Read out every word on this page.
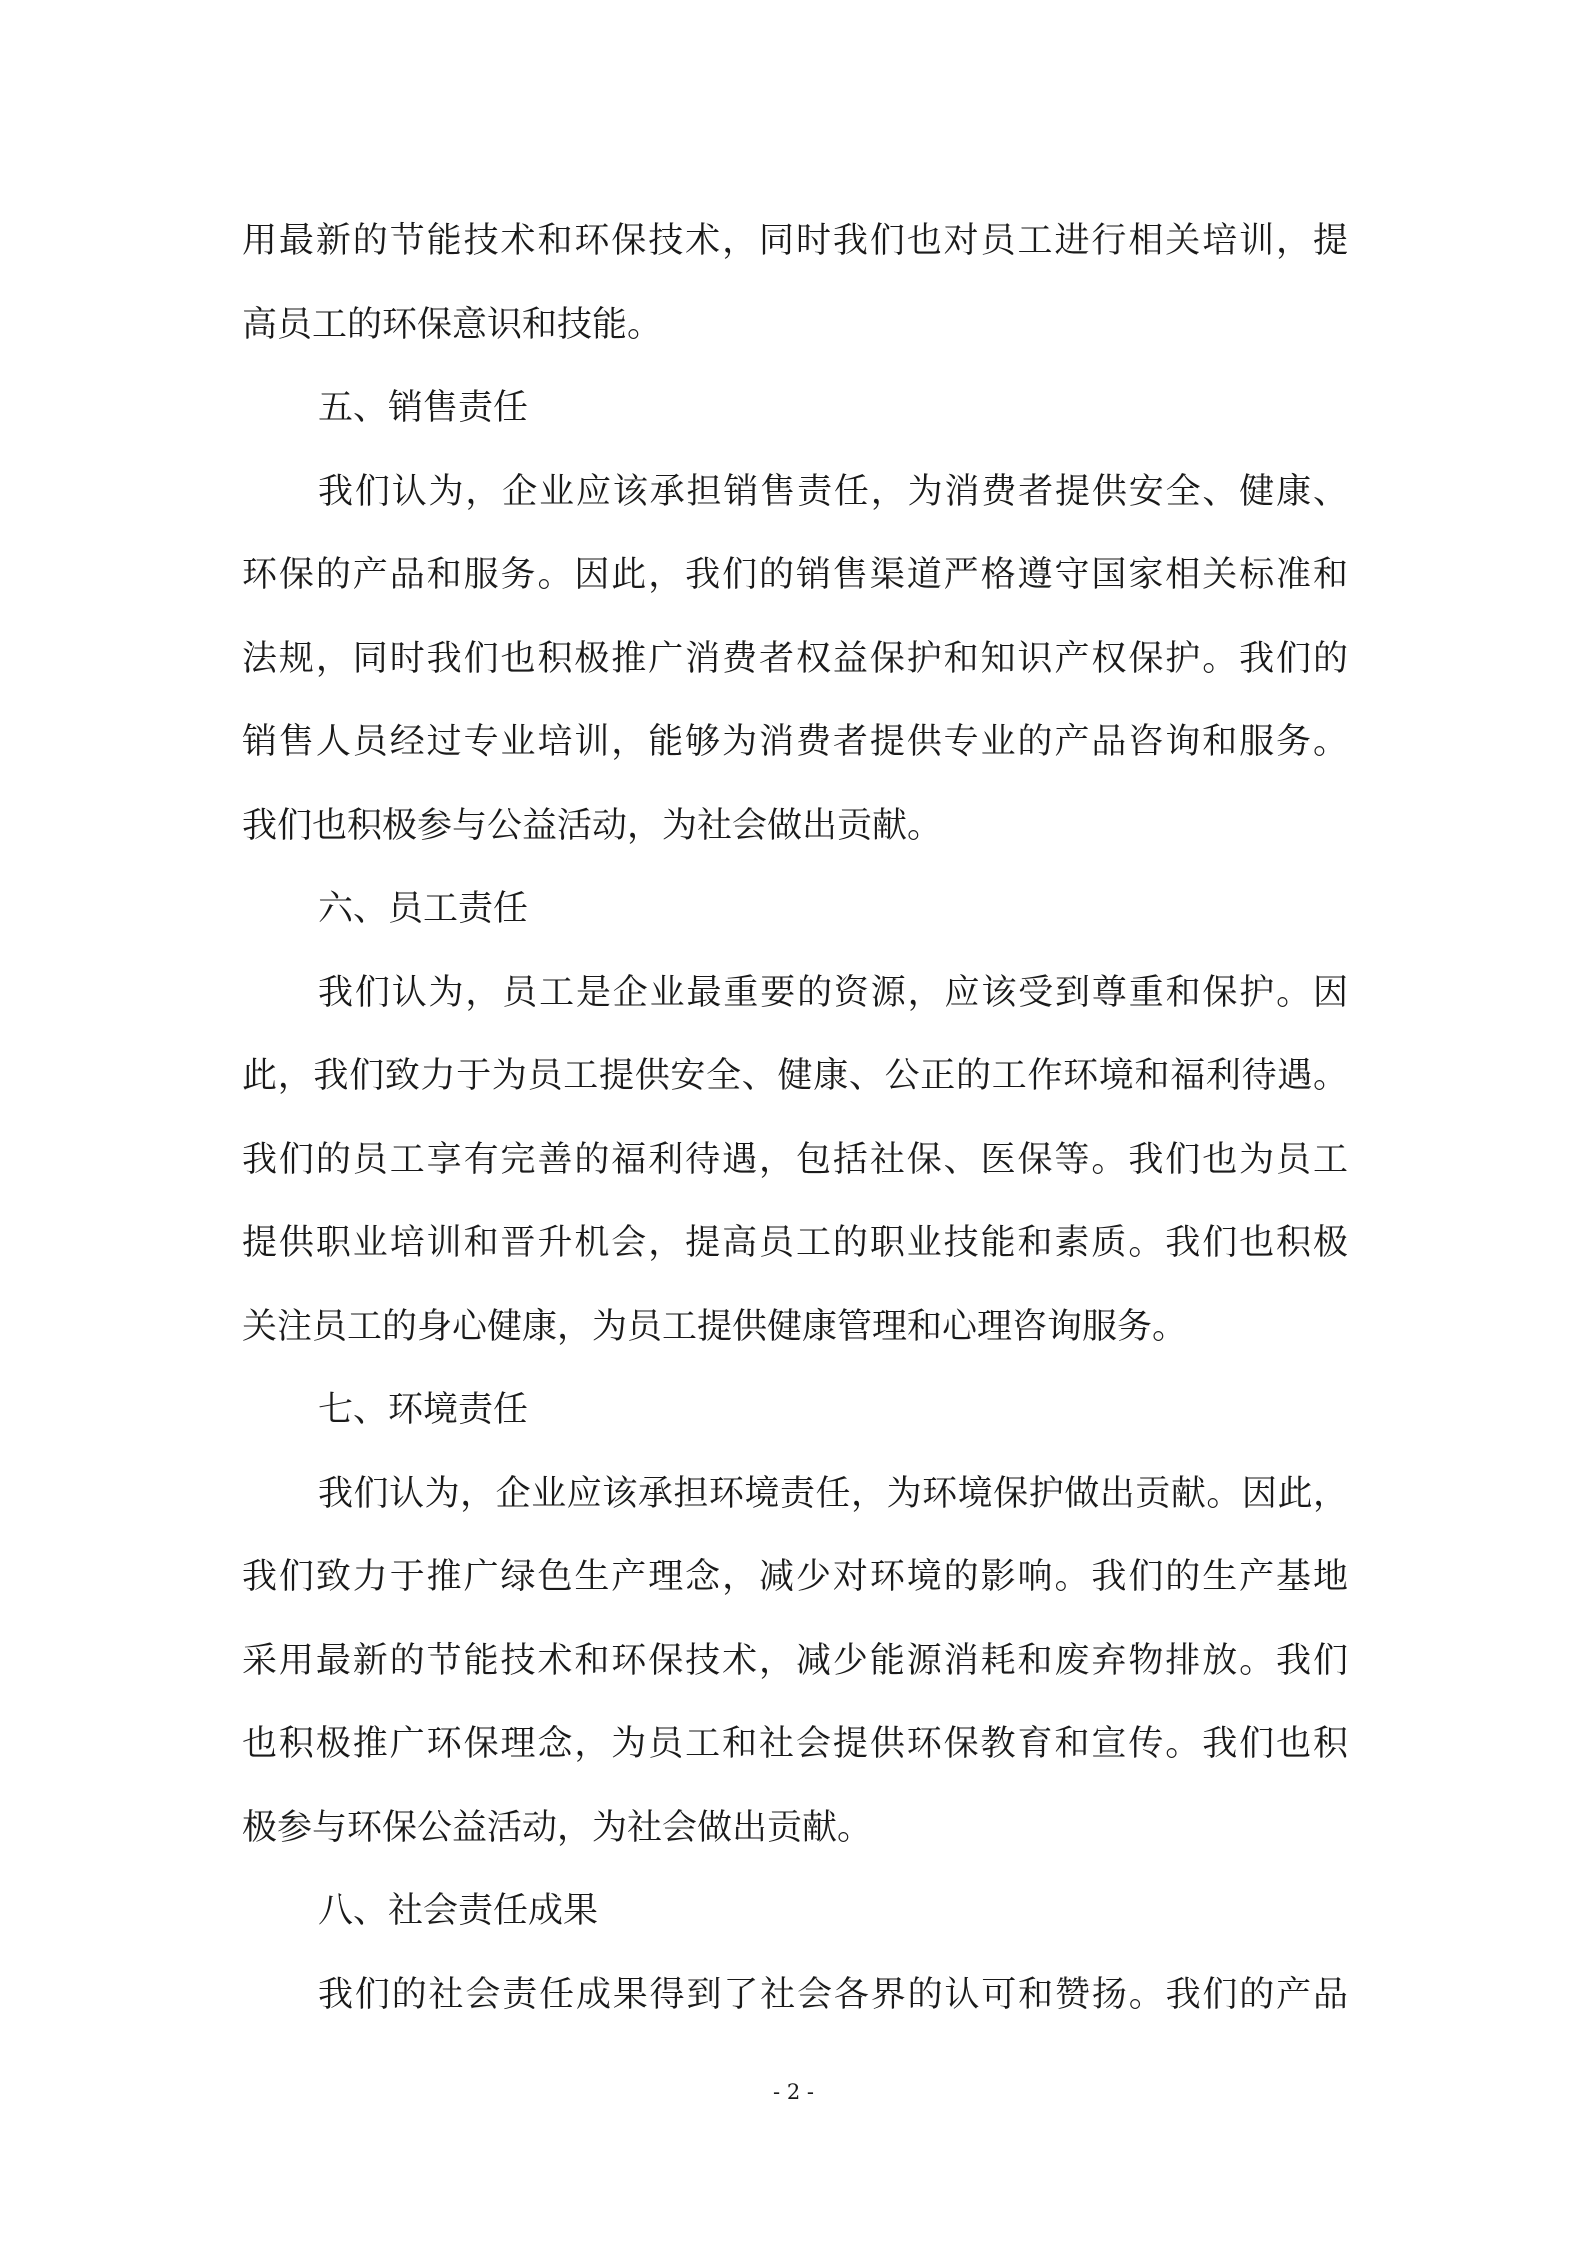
用最新的节能技术和环保技术，同时我们也对员工进行相关培训，提
高员工的环保意识和技能。
五、销售责任
我们认为，企业应该承担销售责任，为消费者提供安全、健康、
环保的产品和服务。因此，我们的销售渠道严格遵守国家相关标准和
法规，同时我们也积极推广消费者权益保护和知识产权保护。我们的
销售人员经过专业培训，能够为消费者提供专业的产品咨询和服务。
我们也积极参与公益活动，为社会做出贡献。
六、员工责任
我们认为，员工是企业最重要的资源，应该受到尊重和保护。因
此，我们致力于为员工提供安全、健康、公正的工作环境和福利待遇。
我们的员工享有完善的福利待遇，包括社保、医保等。我们也为员工
提供职业培训和晋升机会，提高员工的职业技能和素质。我们也积极
关注员工的身心健康，为员工提供健康管理和心理咨询服务。
七、环境责任
我们认为，企业应该承担环境责任，为环境保护做出贡献。因此，
我们致力于推广绿色生产理念，减少对环境的影响。我们的生产基地
采用最新的节能技术和环保技术，减少能源消耗和废弃物排放。我们
也积极推广环保理念，为员工和社会提供环保教育和宣传。我们也积
极参与环保公益活动，为社会做出贡献。
八、社会责任成果
我们的社会责任成果得到了社会各界的认可和赞扬。我们的产品
- 2 -
